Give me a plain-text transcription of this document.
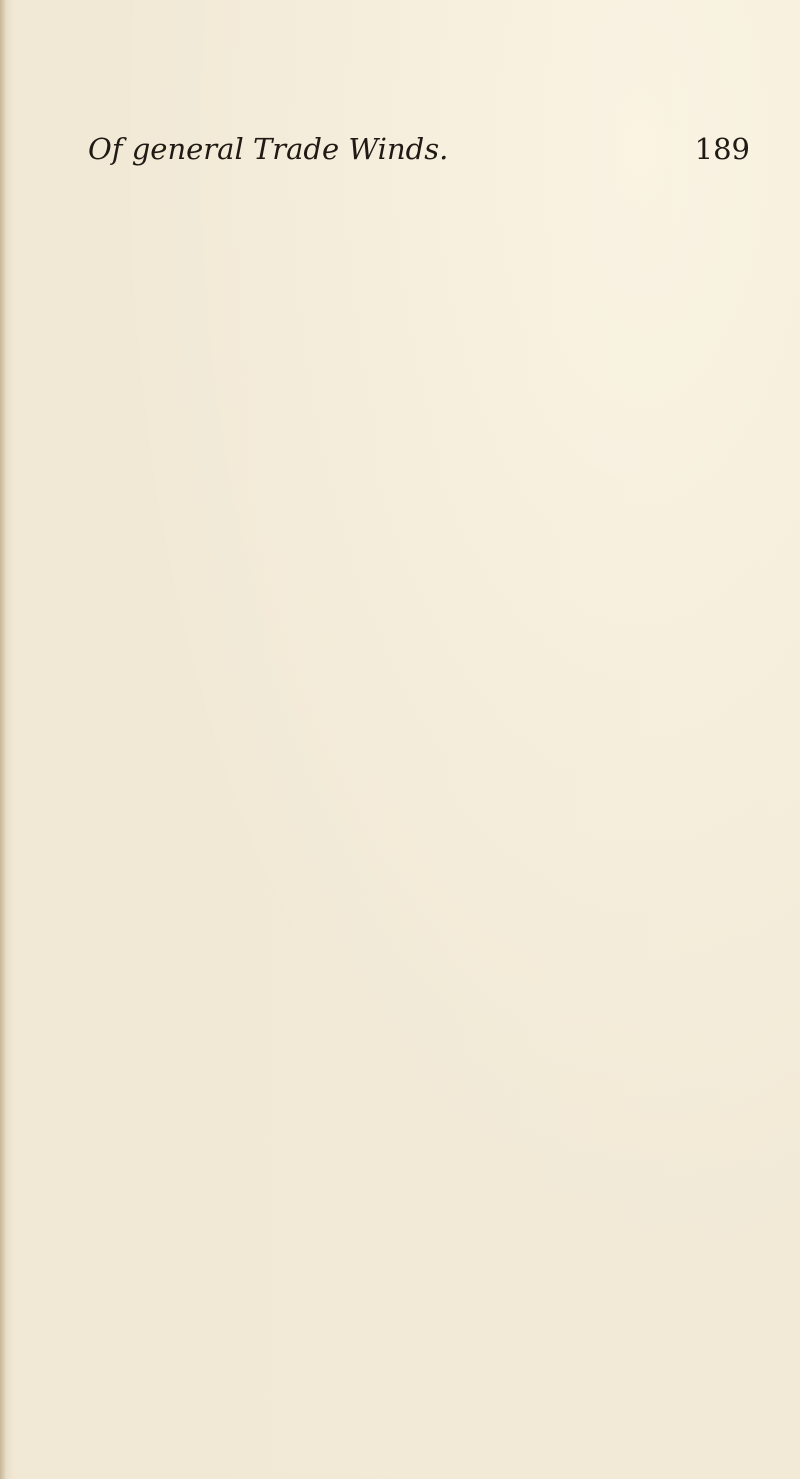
Of general Trade Winds.	189
